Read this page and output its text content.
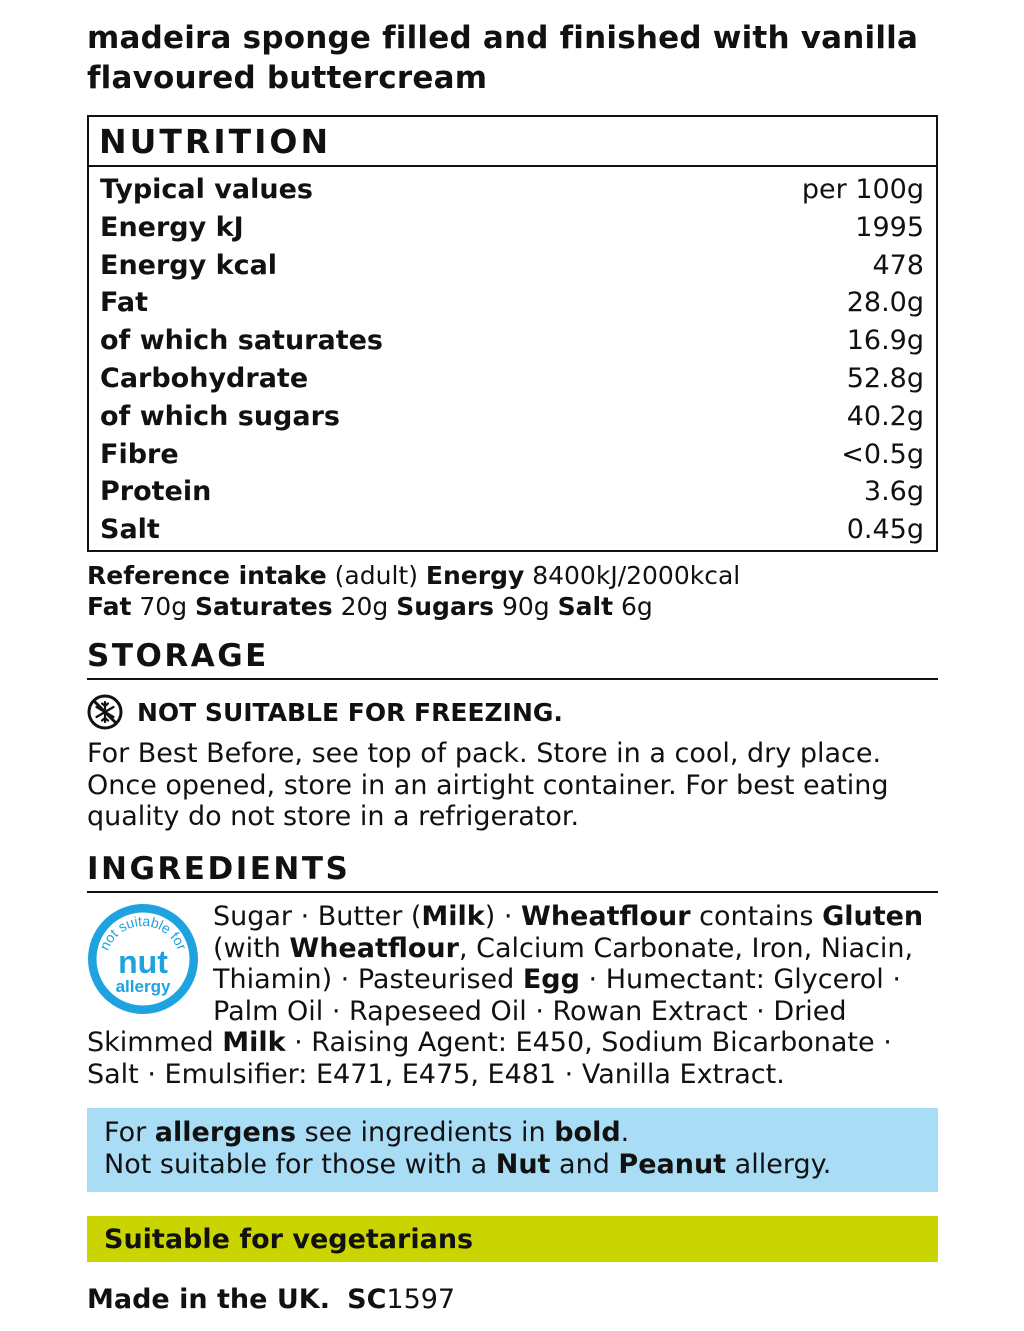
madeira sponge filled and finished with vanilla flavoured buttercream
NUTRITION
Typical values	per 100g
Energy kJ	1995
Energy kcal	478
Fat	28.0g
of which saturates	16.9g
Carbohydrate	52.8g
of which sugars	40.2g
Fibre	<0.5g
Protein	3.6g
Salt	0.45g
Reference intake (adult) Energy 8400kJ/2000kcal
Fat 70g Saturates 20g Sugars 90g Salt 6g
STORAGE
NOT SUITABLE FOR FREEZING.
For Best Before, see top of pack. Store in a cool, dry place. Once opened, store in an airtight container. For best eating quality do not store in a refrigerator.
INGREDIENTS
not suitable for
nut
allergy
Sugar · Butter (Milk) · Wheatflour contains Gluten (with Wheatflour, Calcium Carbonate, Iron, Niacin, Thiamin) · Pasteurised Egg · Humectant: Glycerol · Palm Oil · Rapeseed Oil · Rowan Extract · Dried Skimmed Milk · Raising Agent: E450, Sodium Bicarbonate · Salt · Emulsifier: E471, E475, E481 · Vanilla Extract.
For allergens see ingredients in bold.
Not suitable for those with a Nut and Peanut allergy.
Suitable for vegetarians
Made in the UK. SC1597
